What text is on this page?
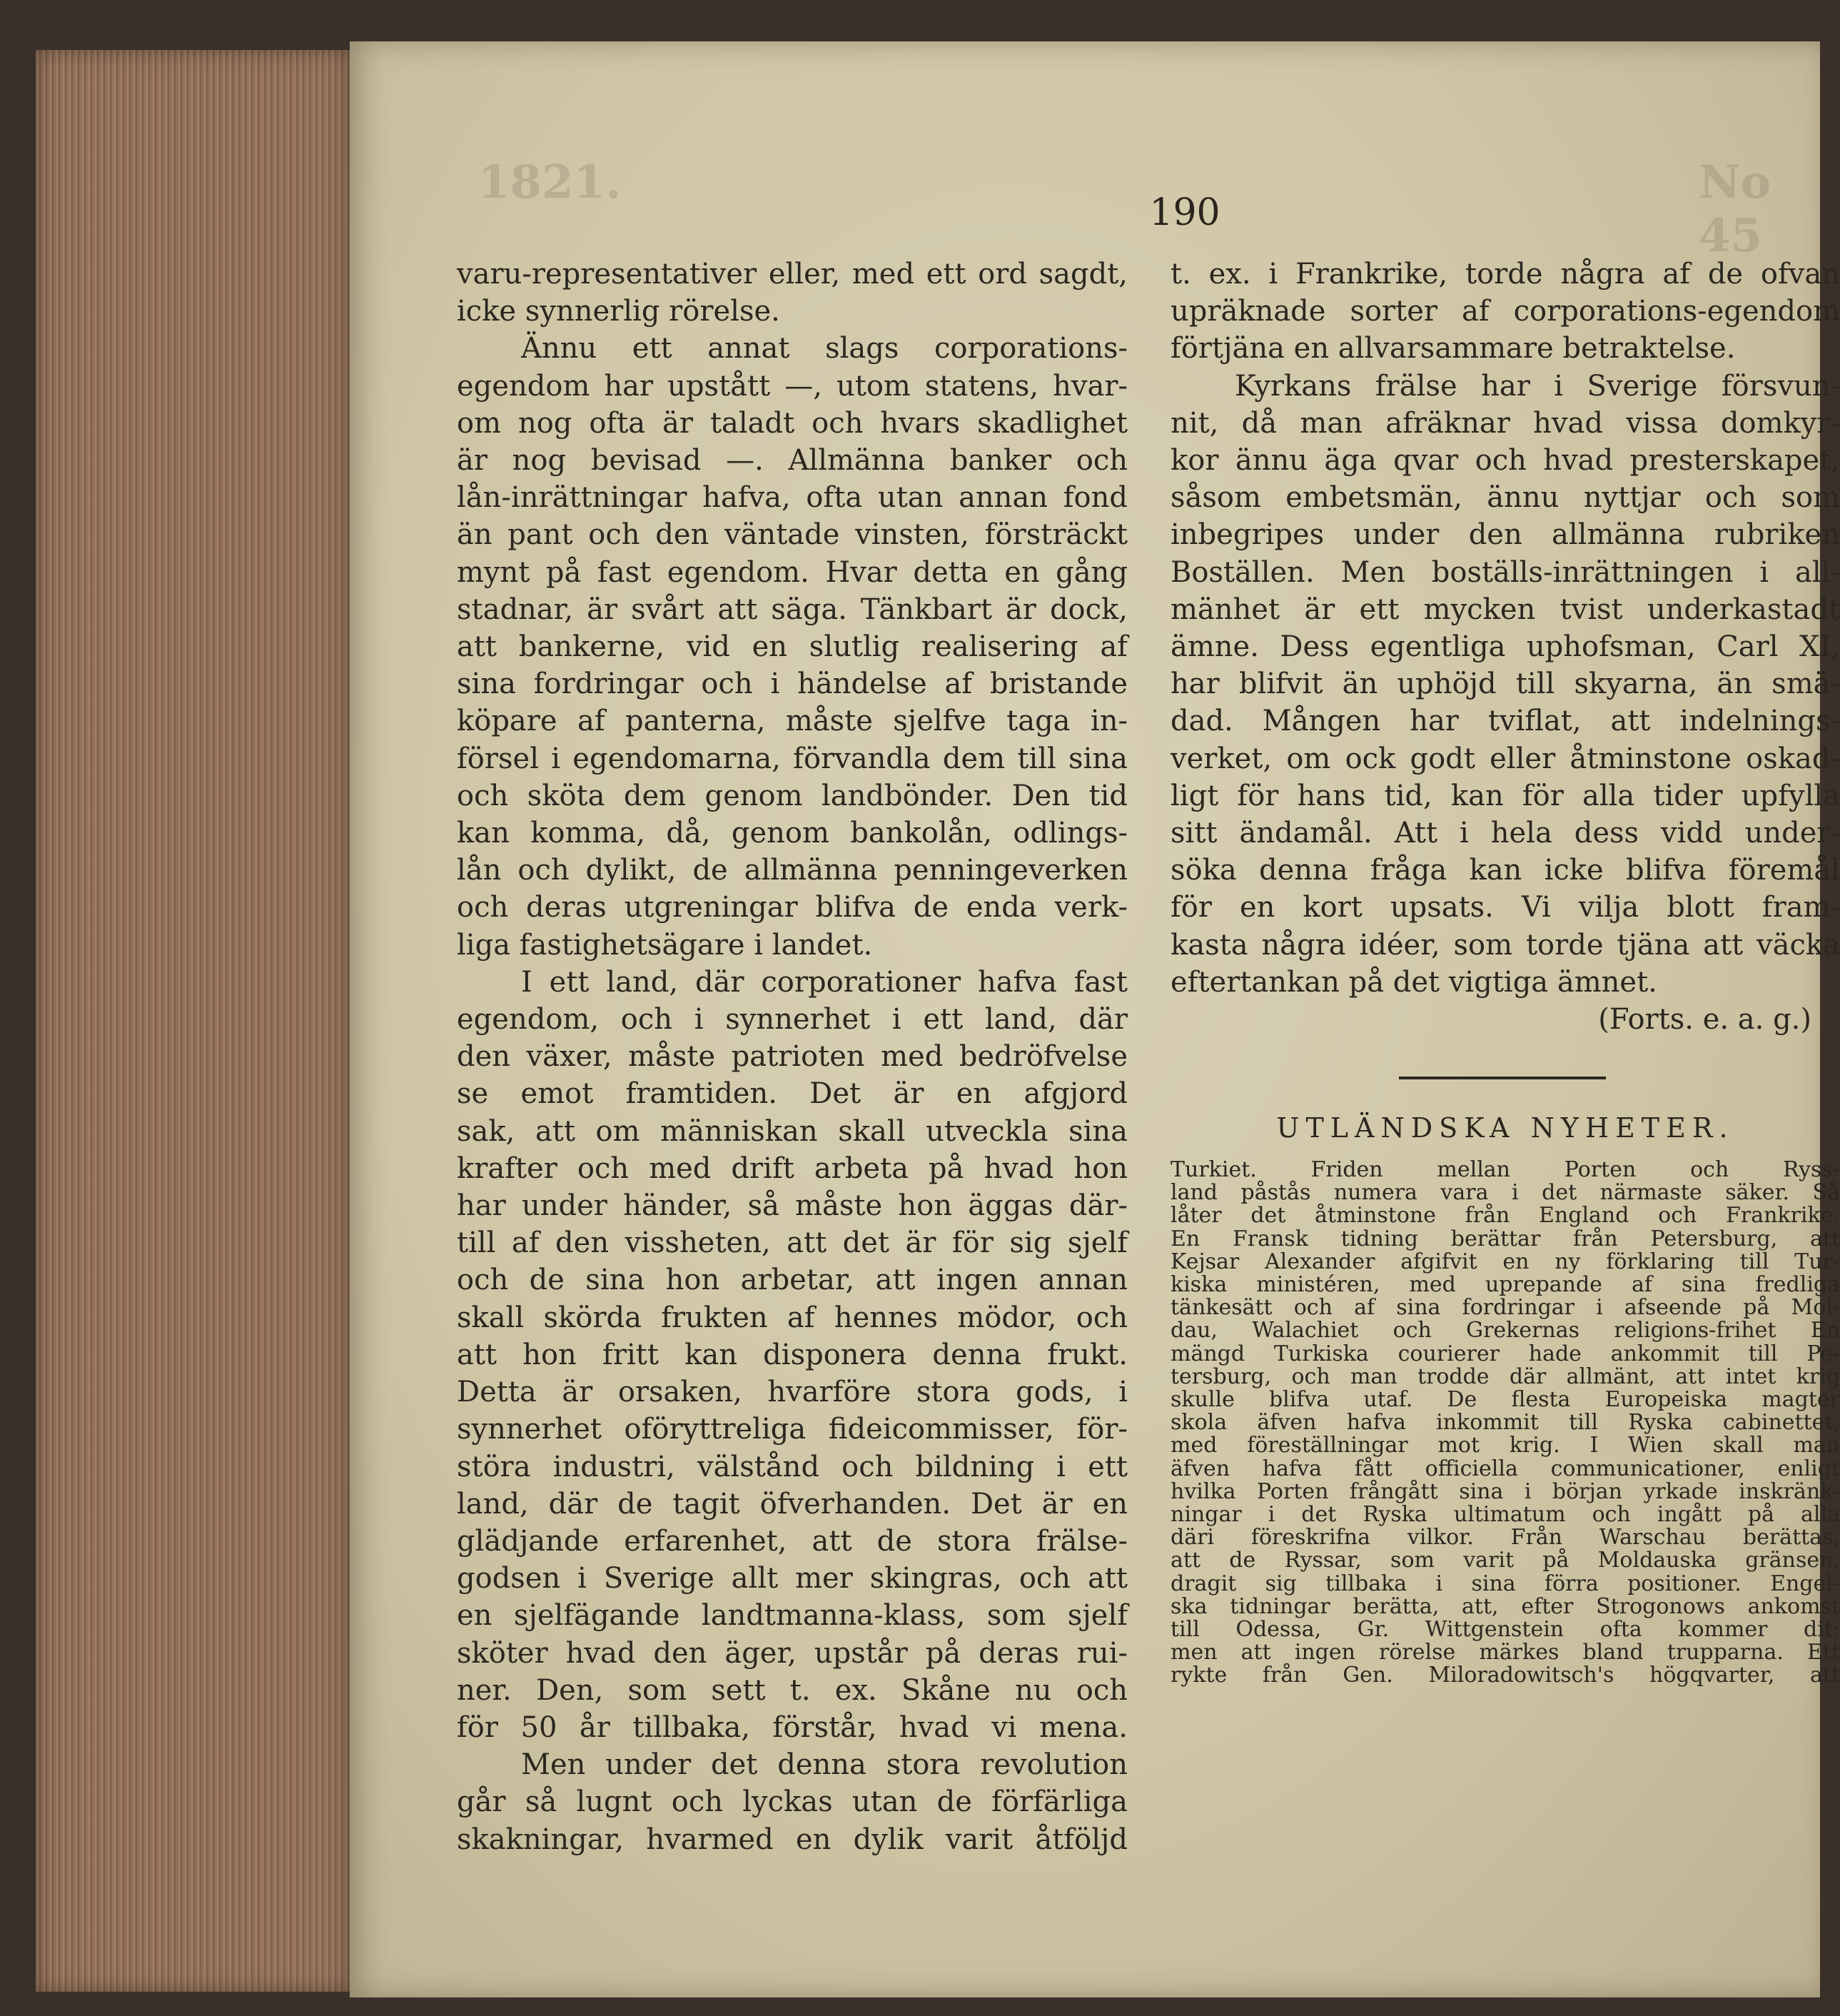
1821.	No 45
190
varu-representativer eller, med ett ord sagdt,
icke synnerlig rörelse.
Ännu ett annat slags corporations-
egendom har upstått —, utom statens, hvar-
om nog ofta är taladt och hvars skadlighet
är nog bevisad —. Allmänna banker och
lån-inrättningar hafva, ofta utan annan fond
än pant och den väntade vinsten, försträckt
mynt på fast egendom. Hvar detta en gång
stadnar, är svårt att säga. Tänkbart är dock,
att bankerne, vid en slutlig realisering af
sina fordringar och i händelse af bristande
köpare af panterna, måste sjelfve taga in-
försel i egendomarna, förvandla dem till sina
och sköta dem genom landbönder. Den tid
kan komma, då, genom bankolån, odlings-
lån och dylikt, de allmänna penningeverken
och deras utgreningar blifva de enda verk-
liga fastighetsägare i landet.
I ett land, där corporationer hafva fast
egendom, och i synnerhet i ett land, där
den växer, måste patrioten med bedröfvelse
se emot framtiden. Det är en afgjord
sak, att om människan skall utveckla sina
krafter och med drift arbeta på hvad hon
har under händer, så måste hon äggas där-
till af den vissheten, att det är för sig sjelf
och de sina hon arbetar, att ingen annan
skall skörda frukten af hennes mödor, och
att hon fritt kan disponera denna frukt.
Detta är orsaken, hvarföre stora gods, i
synnerhet oföryttreliga fideicommisser, för-
störa industri, välstånd och bildning i ett
land, där de tagit öfverhanden. Det är en
glädjande erfarenhet, att de stora frälse-
godsen i Sverige allt mer skingras, och att
en sjelfägande landtmanna-klass, som sjelf
sköter hvad den äger, upstår på deras rui-
ner. Den, som sett t. ex. Skåne nu och
för 50 år tillbaka, förstår, hvad vi mena.
Men under det denna stora revolution
går så lugnt och lyckas utan de förfärliga
skakningar, hvarmed en dylik varit åtföljd
t. ex. i Frankrike, torde några af de ofvan
upräknade sorter af corporations-egendom
förtjäna en allvarsammare betraktelse.
Kyrkans frälse har i Sverige försvun-
nit, då man afräknar hvad vissa domkyr-
kor ännu äga qvar och hvad presterskapet,
såsom embetsmän, ännu nyttjar och som
inbegripes under den allmänna rubriken
Boställen. Men boställs-inrättningen i all-
mänhet är ett mycken tvist underkastadt
ämne. Dess egentliga uphofsman, Carl XI,
har blifvit än uphöjd till skyarna, än smä-
dad. Mången har tviflat, att indelnings-
verket, om ock godt eller åtminstone oskad-
ligt för hans tid, kan för alla tider upfylla
sitt ändamål. Att i hela dess vidd under-
söka denna fråga kan icke blifva föremål
för en kort upsats. Vi vilja blott fram-
kasta några idéer, som torde tjäna att väcka
eftertankan på det vigtiga ämnet.
(Forts. e. a. g.)
UTLÄNDSKA NYHETER.
Turkiet. Friden mellan Porten och Ryss-
land påstås numera vara i det närmaste säker. Så
låter det åtminstone från England och Frankrike.
En Fransk tidning berättar från Petersburg, att
Kejsar Alexander afgifvit en ny förklaring till Tur-
kiska ministéren, med uprepande af sina fredliga
tänkesätt och af sina fordringar i afseende på Mol-
dau, Walachiet och Grekernas religions-frihet En
mängd Turkiska courierer hade ankommit till Pe-
tersburg, och man trodde där allmänt, att intet krig
skulle blifva utaf. De flesta Europeiska magter
skola äfven hafva inkommit till Ryska cabinettet,
med föreställningar mot krig. I Wien skall man
äfven hafva fått officiella communicationer, enligt
hvilka Porten frångått sina i början yrkade inskränk-
ningar i det Ryska ultimatum och ingått på alla
däri föreskrifna vilkor. Från Warschau berättas,
att de Ryssar, som varit på Moldauska gränsen,
dragit sig tillbaka i sina förra positioner. Engel-
ska tidningar berätta, att, efter Strogonows ankomst
till Odessa, Gr. Wittgenstein ofta kommer dit:
men att ingen rörelse märkes bland trupparna. Ett
rykte från Gen. Miloradowitsch's högqvarter, att
